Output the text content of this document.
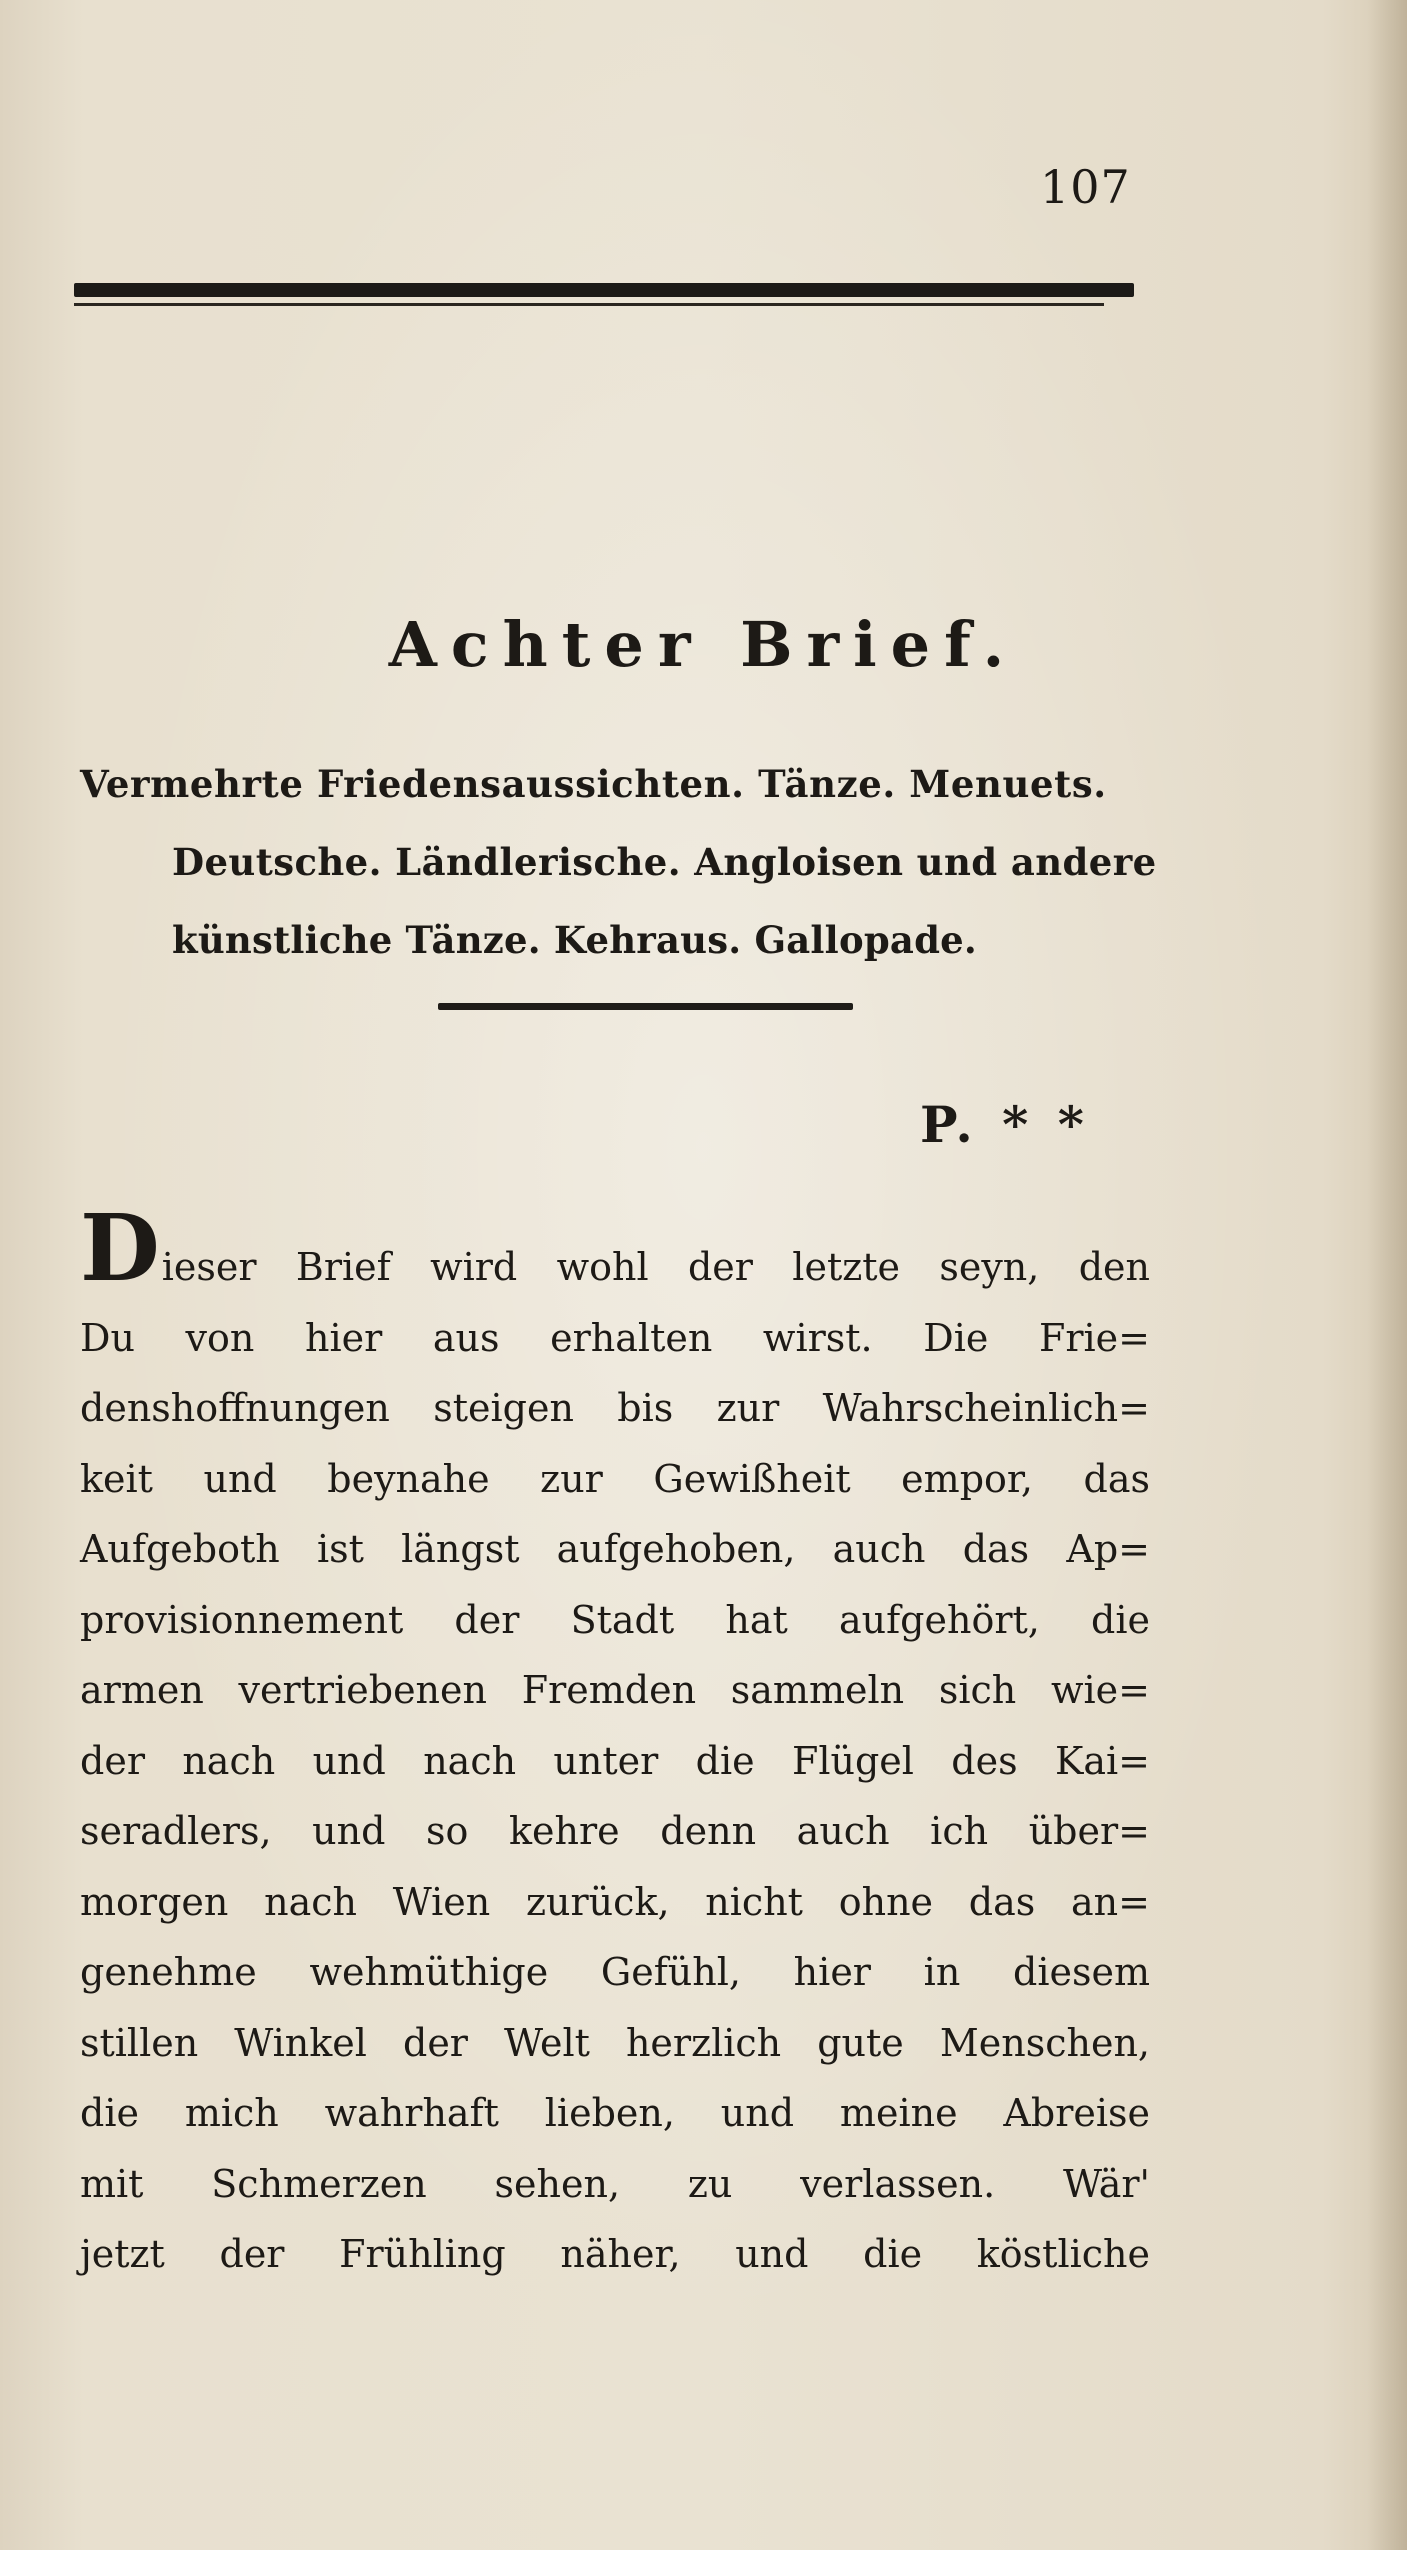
107
Achter Brief.
Vermehrte Friedensaussichten. Tänze. Menuets.
Deutsche. Ländlerische. Angloisen und andere
künstliche Tänze. Kehraus. Gallopade.
P. * *
D ieser Brief wird wohl der letzte seyn, den
Du von hier aus erhalten wirst. Die Frie=
denshoffnungen steigen bis zur Wahrscheinlich=
keit und beynahe zur Gewißheit empor, das
Aufgeboth ist längst aufgehoben, auch das Ap=
provisionnement der Stadt hat aufgehört, die
armen vertriebenen Fremden sammeln sich wie=
der nach und nach unter die Flügel des Kai=
seradlers, und so kehre denn auch ich über=
morgen nach Wien zurück, nicht ohne das an=
genehme wehmüthige Gefühl, hier in diesem
stillen Winkel der Welt herzlich gute Menschen,
die mich wahrhaft lieben, und meine Abreise
mit Schmerzen sehen, zu verlassen. Wär'
jetzt der Frühling näher, und die köstliche
